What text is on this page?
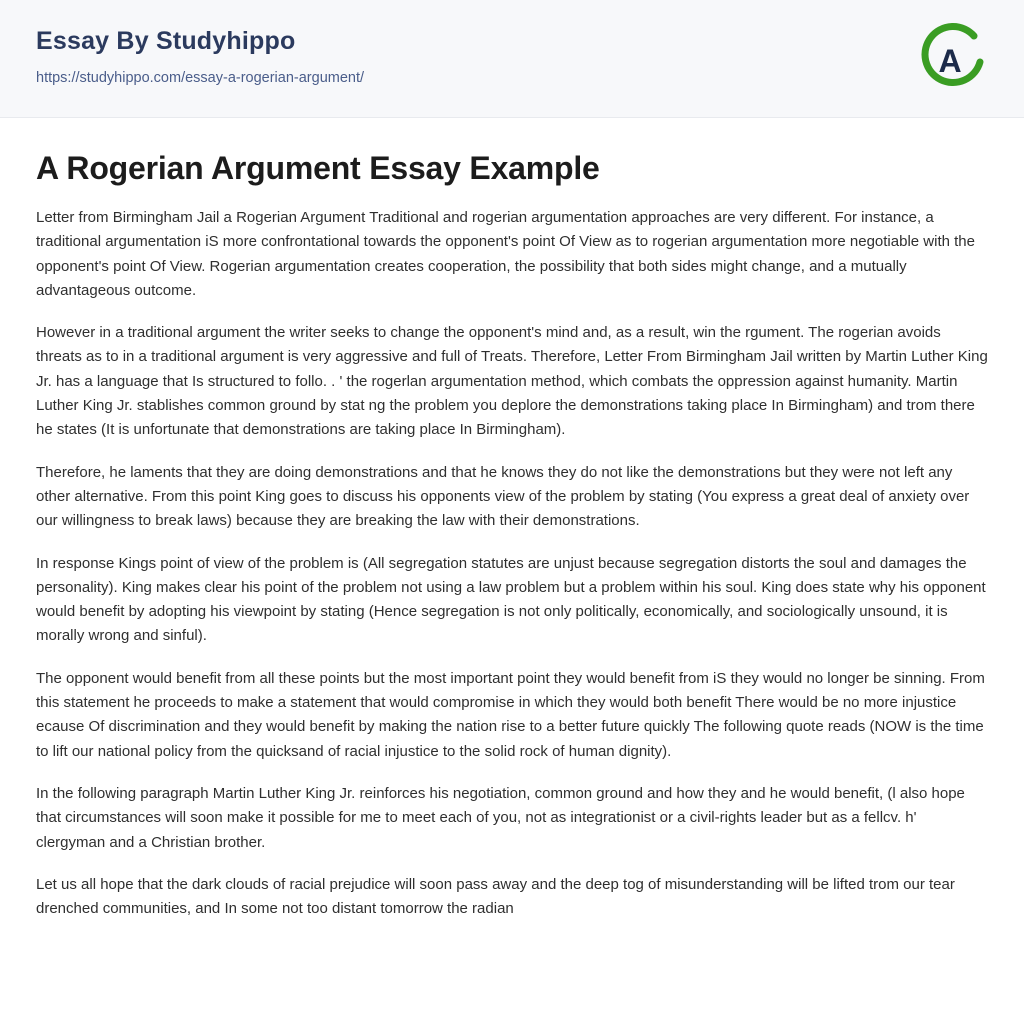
Essay By Studyhippo
https://studyhippo.com/essay-a-rogerian-argument/	A
A Rogerian Argument Essay Example

Letter from Birmingham Jail a Rogerian Argument Traditional and rogerian argumentation approaches are very different. For instance, a traditional argumentation iS more confrontational towards the opponent's point Of View as to rogerian argumentation more negotiable with the opponent's point Of View. Rogerian argumentation creates cooperation, the possibility that both sides might change, and a mutually advantageous outcome.

However in a traditional argument the writer seeks to change the opponent's mind and, as a result, win the rgument. The rogerian avoids threats as to in a traditional argument is very aggressive and full of Treats. Therefore, Letter From Birmingham Jail written by Martin Luther King Jr. has a language that Is structured to follo. . ' the rogerlan argumentation method, which combats the oppression against humanity. Martin Luther King Jr. stablishes common ground by stat ng the problem you deplore the demonstrations taking place In Birmingham) and trom there he states (It is unfortunate that demonstrations are taking place In Birmingham).

Therefore, he laments that they are doing demonstrations and that he knows they do not like the demonstrations but they were not left any other alternative. From this point King goes to discuss his opponents view of the problem by stating (You express a great deal of anxiety over our willingness to break laws) because they are breaking the law with their demonstrations.

In response Kings point of view of the problem is (All segregation statutes are unjust because segregation distorts the soul and damages the personality). King makes clear his point of the problem not using a law problem but a problem within his soul. King does state why his opponent would benefit by adopting his viewpoint by stating (Hence segregation is not only politically, economically, and sociologically unsound, it is morally wrong and sinful).

The opponent would benefit from all these points but the most important point they would benefit from iS they would no longer be sinning. From this statement he proceeds to make a statement that would compromise in which they would both benefit There would be no more injustice ecause Of discrimination and they would benefit by making the nation rise to a better future quickly The following quote reads (NOW is the time to lift our national policy from the quicksand of racial injustice to the solid rock of human dignity).

In the following paragraph Martin Luther King Jr. reinforces his negotiation, common ground and how they and he would benefit, (l also hope that circumstances will soon make it possible for me to meet each of you, not as integrationist or a civil-rights leader but as a fellcv. h' clergyman and a Christian brother.

Let us all hope that the dark clouds of racial prejudice will soon pass away and the deep tog of misunderstanding will be lifted trom our tear drenched communities, and In some not too distant tomorrow the radian
